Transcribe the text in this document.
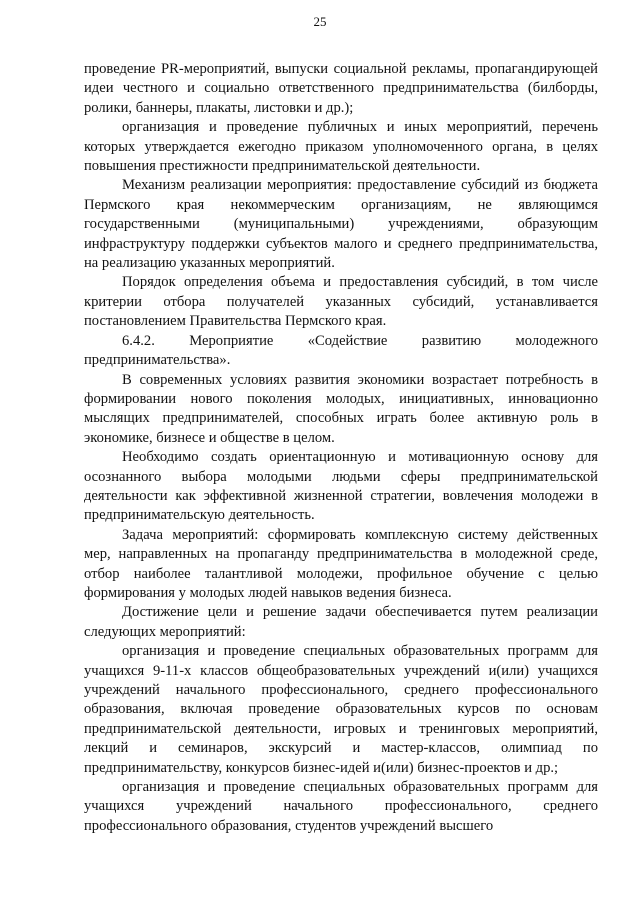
25

проведение PR-мероприятий, выпуски социальной рекламы, пропагандирующей идеи честного и социально ответственного предпринимательства (билборды, ролики, баннеры, плакаты, листовки и др.);

организация и проведение публичных и иных мероприятий, перечень которых утверждается ежегодно приказом уполномоченного органа, в целях повышения престижности предпринимательской деятельности.

Механизм реализации мероприятия: предоставление субсидий из бюджета Пермского края некоммерческим организациям, не являющимся государственными (муниципальными) учреждениями, образующим инфраструктуру поддержки субъектов малого и среднего предпринимательства, на реализацию указанных мероприятий.

Порядок определения объема и предоставления субсидий, в том числе критерии отбора получателей указанных субсидий, устанавливается постановлением Правительства Пермского края.

6.4.2. Мероприятие «Содействие развитию молодежного предпринимательства».

В современных условиях развития экономики возрастает потребность в формировании нового поколения молодых, инициативных, инновационно мыслящих предпринимателей, способных играть более активную роль в экономике, бизнесе и обществе в целом.

Необходимо создать ориентационную и мотивационную основу для осознанного выбора молодыми людьми сферы предпринимательской деятельности как эффективной жизненной стратегии, вовлечения молодежи в предпринимательскую деятельность.

Задача мероприятий: сформировать комплексную систему действенных мер, направленных на пропаганду предпринимательства в молодежной среде, отбор наиболее талантливой молодежи, профильное обучение с целью формирования у молодых людей навыков ведения бизнеса.

Достижение цели и решение задачи обеспечивается путем реализации следующих мероприятий:

организация и проведение специальных образовательных программ для учащихся 9-11-х классов общеобразовательных учреждений и(или) учащихся учреждений начального профессионального, среднего профессионального образования, включая проведение образовательных курсов по основам предпринимательской деятельности, игровых и тренинговых мероприятий, лекций и семинаров, экскурсий и мастер-классов, олимпиад по предпринимательству, конкурсов бизнес-идей и(или) бизнес-проектов и др.;

организация и проведение специальных образовательных программ для учащихся учреждений начального профессионального, среднего профессионального образования, студентов учреждений высшего
